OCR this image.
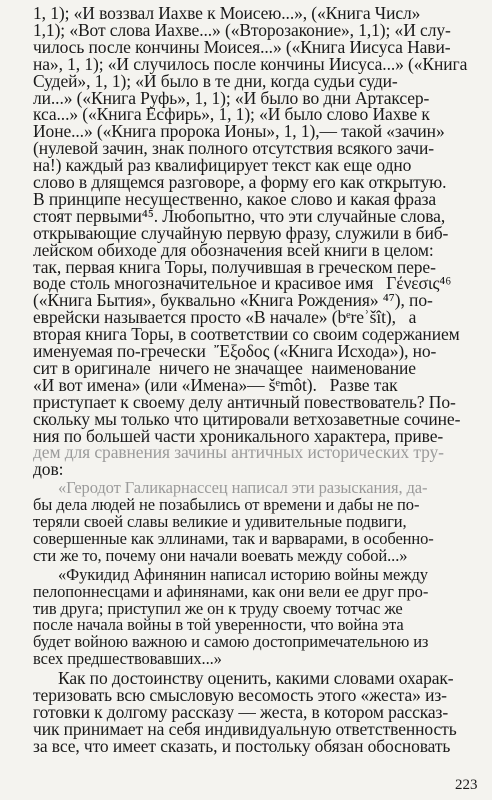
1, 1); «И воззвал Иахве к Моисею...», («Книга Числ»
1,1); «Вот слова Иахве...» («Второзаконие», 1,1); «И слу-
чилось после кончины Моисея...» («Книга Иисуса Нави-
на», 1, 1); «И случилось после кончины Иисуса...» («Книга
Судей», 1, 1); «И было в те дни, когда судьи суди-
ли...» («Книга Руфь», 1, 1); «И было во дни Артаксер-
кса...» («Книга Есфирь», 1, 1); «И было слово Иахве к
Ионе...» («Книга пророка Ионы», 1, 1),— такой «зачин»
(нулевой зачин, знак полного отсутствия всякого зачи-
на!) каждый раз квалифицирует текст как еще одно
слово в длящемся разговоре, а форму его как открытую.
В принципе несущественно, какое слово и какая фраза
стоят первыми⁴⁵. Любопытно, что эти случайные слова,
открывающие случайную первую фразу, служили в биб-
лейском обиходе для обозначения всей книги в целом:
так, первая книга Торы, получившая в греческом пере-
воде столь многозначительное и красивое имя   Γένεσις⁴⁶
(«Книга Бытия», буквально «Книга Рождения» ⁴⁷), по-
еврейски называется просто «В начале» (bᵉreʾšît),   а
вторая книга Торы, в соответствии со своим содержанием
именуемая по-гречески  Ἔξοδος («Книга Исхода»), но-
сит в оригинале  ничего не значащее  наименование
«И вот имена» (или «Имена»— šᵉmôt).   Разве так
приступает к своему делу античный повествователь? По-
скольку мы только что цитировали ветхозаветные сочине-
ния по большей части хроникального характера, приве-
дем для сравнения зачины античных исторических тру-
дов:
«Геродот Галикарнассец написал эти разыскания, да-
бы дела людей не позабылись от времени и дабы не по-
теряли своей славы великие и удивительные подвиги,
совершенные как эллинами, так и варварами, в особенно-
сти же то, почему они начали воевать между собой...»
«Фукидид Афинянин написал историю войны между
пелопоннесцами и афинянами, как они вели ее друг про-
тив друга; приступил же он к труду своему тотчас же
после начала войны в той уверенности, что война эта
будет войною важною и самою достопримечательною из
всех предшествовавших...»
Как по достоинству оценить, какими словами охарак-
теризовать всю смысловую весомость этого «жеста» из-
готовки к долгому рассказу — жеста, в котором рассказ-
чик принимает на себя индивидуальную ответственность
за все, что имеет сказать, и постольку обязан обосновать
223
